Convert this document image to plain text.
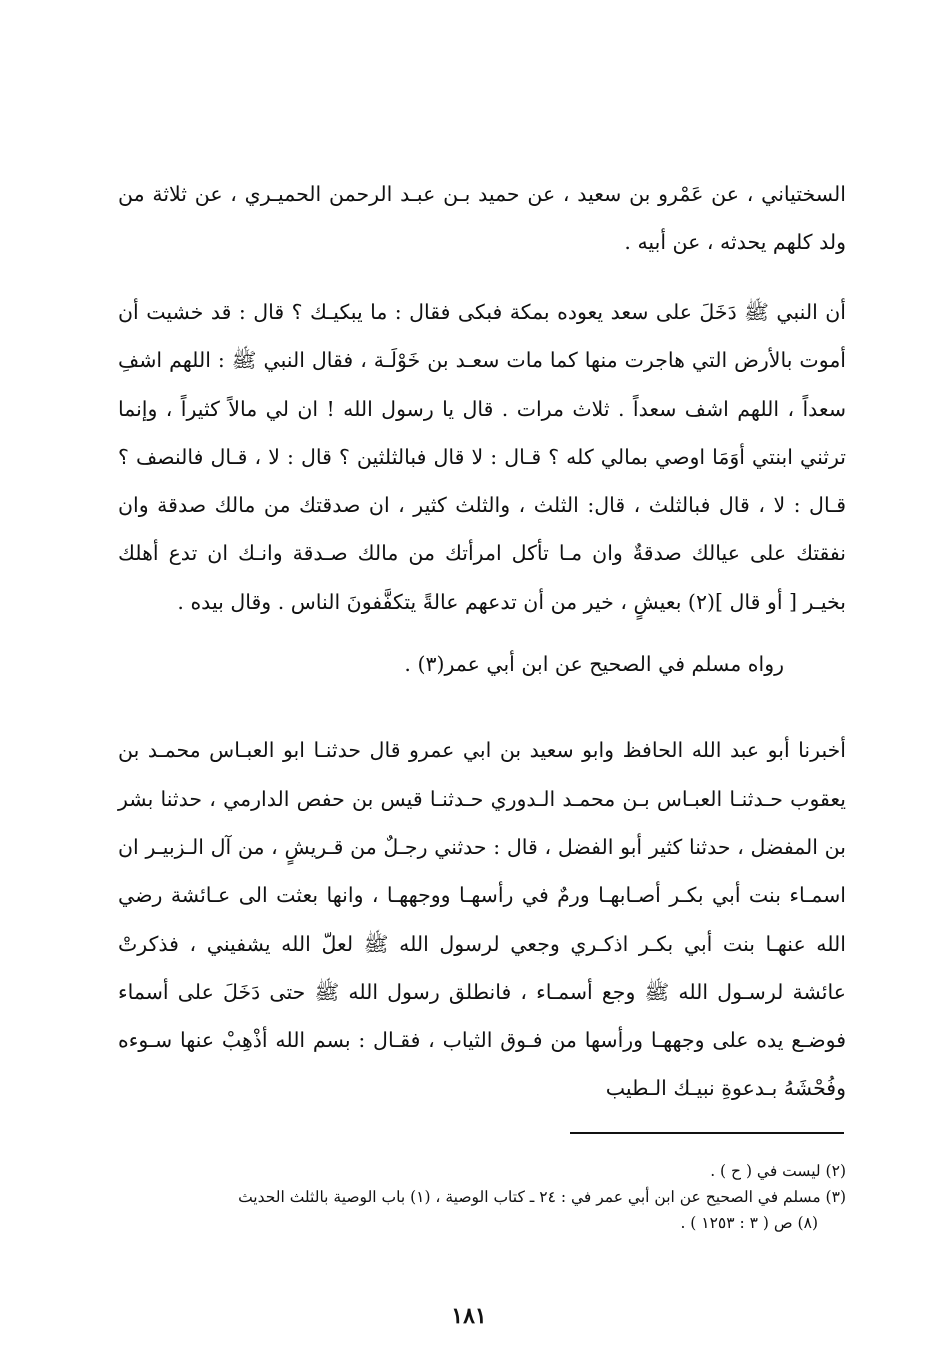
السختياني ، عن عَمْرو بن سعيد ، عن حميد بـن عبـد الرحمن الحميـري ، عن ثلاثة من ولد كلهم يحدثه ، عن أبيه .

أن النبي ﷺ دَخَلَ على سعد يعوده بمكة فبكى فقال : ما يبكيـك ؟ قال : قد خشيت أن أموت بالأرض التي هاجرت منها كما مات سعـد بن خَوْلَـة ، فقال النبي ﷺ : اللهم اشفِ سعداً ، اللهم اشف سعداً . ثلاث مرات . قال يا رسول الله ! ان لي مالاً كثيراً ، وإنما ترثني ابنتي أوَمَا اوصي بمالي كله ؟ قـال : لا قال فبالثلثين ؟ قال : لا ، قـال فالنصف ؟ قـال : لا ، قال فبالثلث ، قال: الثلث ، والثلث كثير ، ان صدقتك من مالك صدقة وان نفقتك على عيالك صدقةٌ وان مـا تأكل امرأتك من مالك صـدقة وانـك ان تدع أهلك بخيـر [ أو قال ](٢) بعيشٍ ، خير من أن تدعهم عالةً يتكفَّفونَ الناس . وقال بيده .

رواه مسلم في الصحيح عن ابن أبي عمر(٣) .

أخبرنا أبو عبد الله الحافظ وابو سعيد بن ابي عمرو قال حدثنـا ابو العبـاس محمـد بن يعقوب حـدثنـا العبـاس بـن محمـد الـدوري حـدثنـا قيس بن حفص الدارمي ، حدثنا بشر بن المفضل ، حدثنا كثير أبو الفضل ، قال : حدثني رجـلٌ من قـريشٍ ، من آل الـزبيـر ان اسمـاء بنت أبي بكـر أصـابهـا ورمٌ في رأسهـا ووجههـا ، وانها بعثت الى عـائشة رضي الله عنهـا بنت أبي بكـر اذكـري وجعي لرسول الله ﷺ لعلّ الله يشفيني ، فذكرتْ عائشة لرسـول الله ﷺ وجع أسمـاء ، فانطلق رسول الله ﷺ حتى دَخَلَ على أسماء فوضـع يده على وجههـا ورأسها من فـوق الثياب ، فقـال : بسم الله أذْهِبْ عنها سـوءه وفُحْشَهُ بـدعوةِ نبيـك الـطيب

(٢) ليست في ( ح ) .

(٣) مسلم في الصحيح عن ابن أبي عمر في : ٢٤ ـ كتاب الوصية ، (١) باب الوصية بالثلث الحديث

(٨) ص ( ٣ : ١٢٥٣ ) .

١٨١
